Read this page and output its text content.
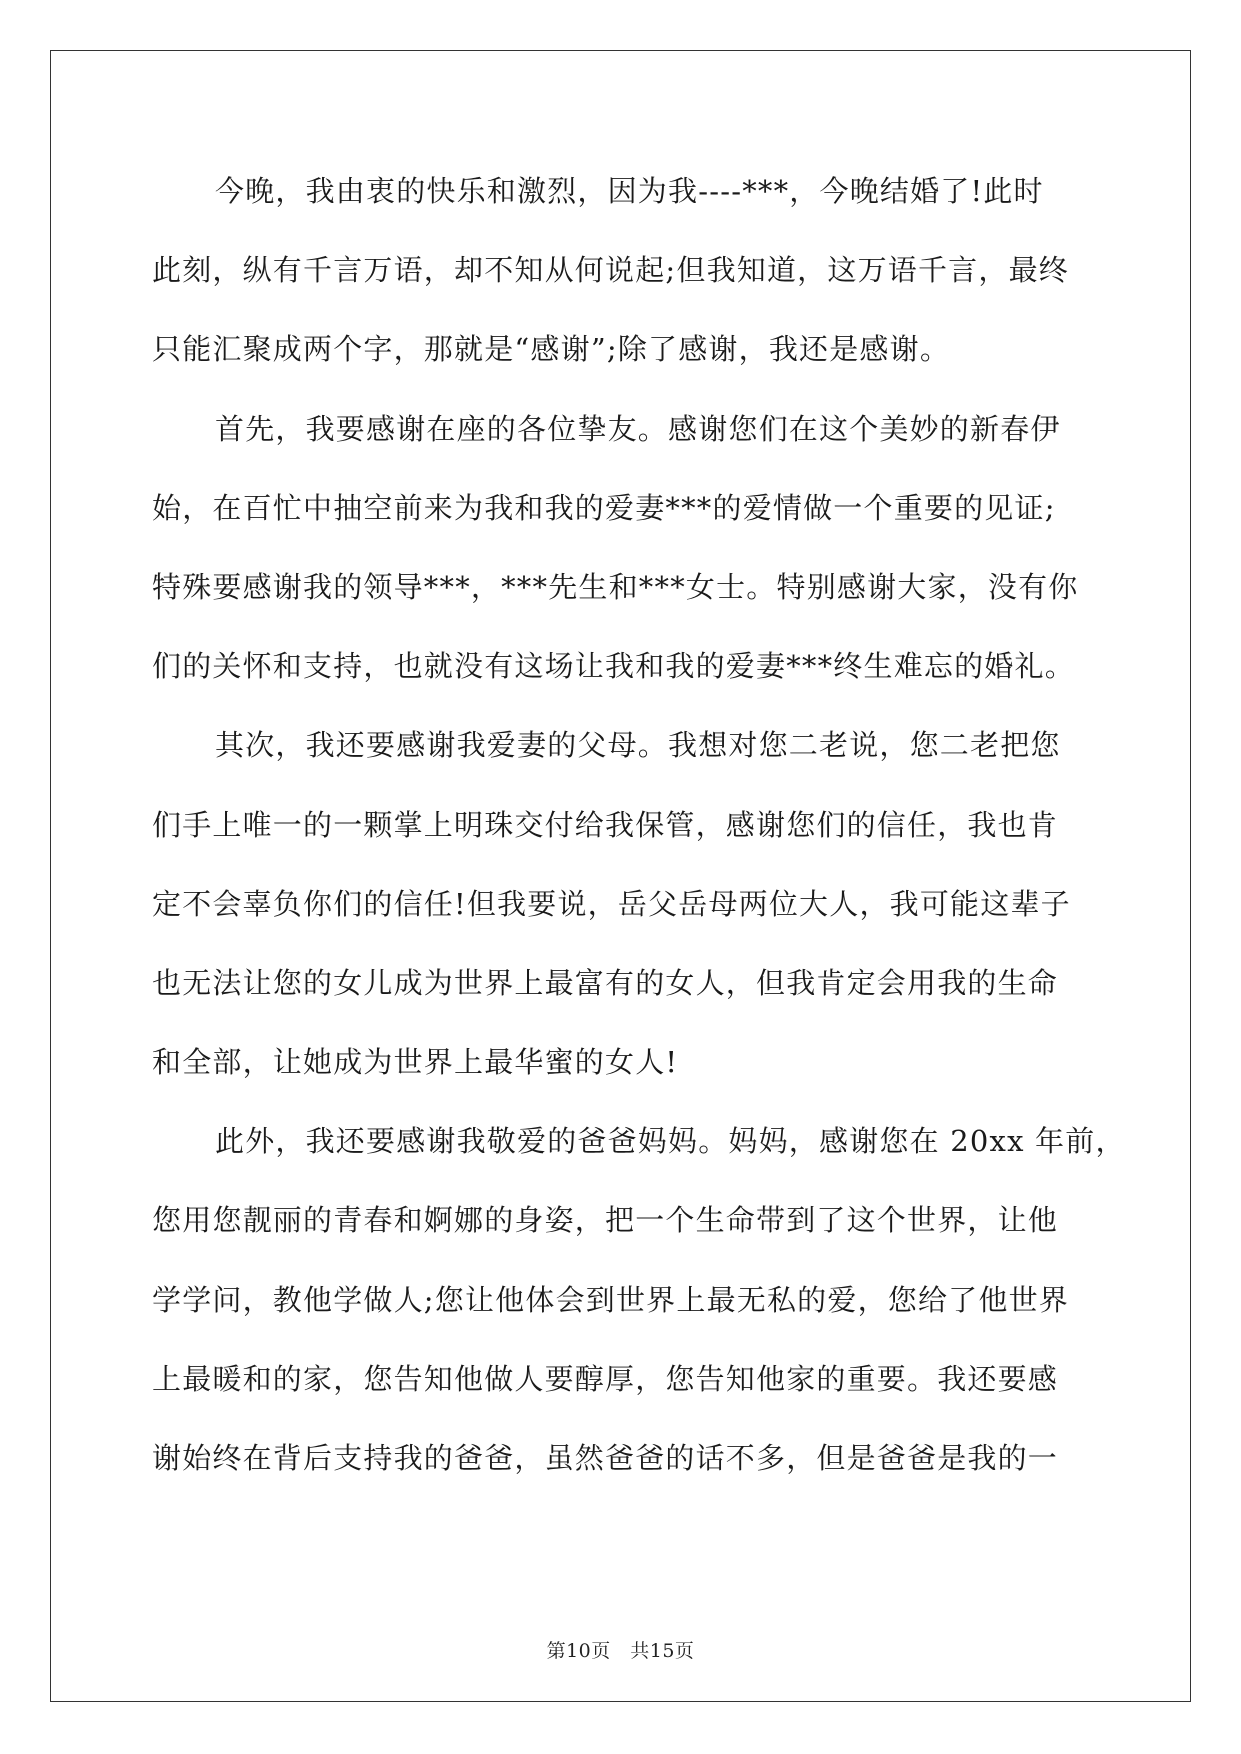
今晚，我由衷的快乐和激烈，因为我----***，今晚结婚了!此时
此刻，纵有千言万语，却不知从何说起;但我知道，这万语千言，最终
只能汇聚成两个字，那就是“感谢”;除了感谢，我还是感谢。
首先，我要感谢在座的各位挚友。感谢您们在这个美妙的新春伊
始，在百忙中抽空前来为我和我的爱妻***的爱情做一个重要的见证;
特殊要感谢我的领导***，***先生和***女士。特别感谢大家，没有你
们的关怀和支持，也就没有这场让我和我的爱妻***终生难忘的婚礼。
其次，我还要感谢我爱妻的父母。我想对您二老说，您二老把您
们手上唯一的一颗掌上明珠交付给我保管，感谢您们的信任，我也肯
定不会辜负你们的信任!但我要说，岳父岳母两位大人，我可能这辈子
也无法让您的女儿成为世界上最富有的女人，但我肯定会用我的生命
和全部，让她成为世界上最华蜜的女人!
此外，我还要感谢我敬爱的爸爸妈妈。妈妈，感谢您在 20xx 年前，
您用您靓丽的青春和婀娜的身姿，把一个生命带到了这个世界，让他
学学问，教他学做人;您让他体会到世界上最无私的爱，您给了他世界
上最暖和的家，您告知他做人要醇厚，您告知他家的重要。我还要感
谢始终在背后支持我的爸爸，虽然爸爸的话不多，但是爸爸是我的一
第10页　共15页
